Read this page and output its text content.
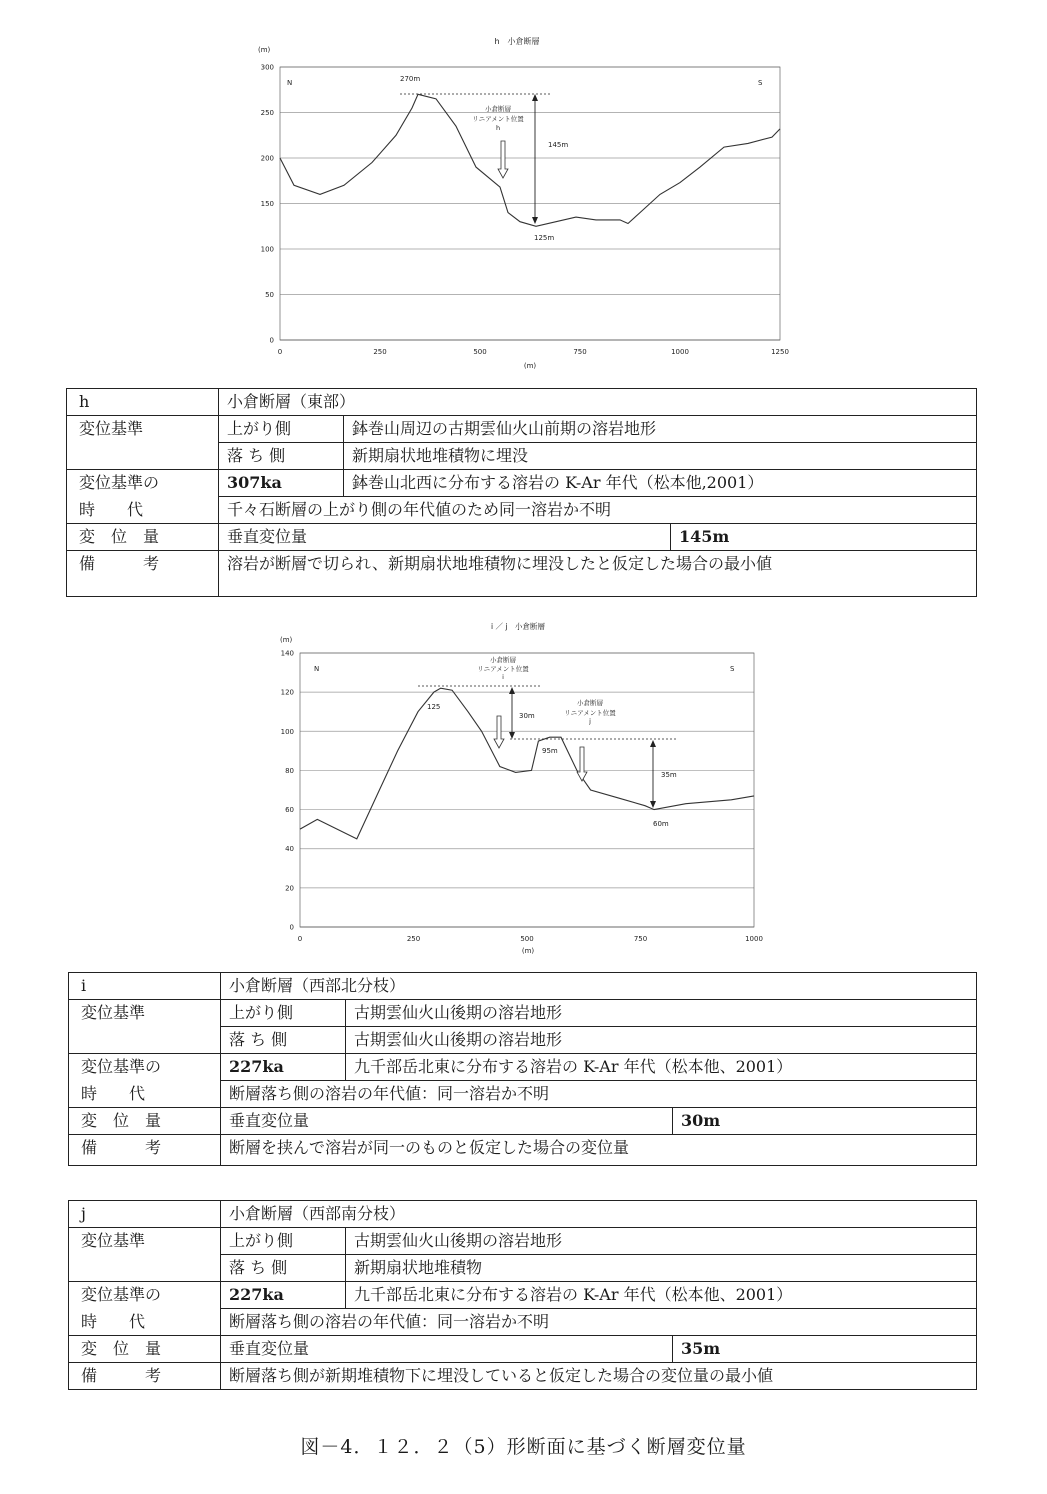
h　小倉断層
(m)
0
50
100
150
200
250
300
0	250	500	750	1000	1250
(m)
N	S
270m
小倉断層
リニアメント位置
h
145m
125m
h	小倉断層（東部）		
変位基準	上がり側	鉢巻山周辺の古期雲仙火山前期の溶岩地形	
	落 ち 側	新期扇状地堆積物に埋没	
変位基準の	307ka	鉢巻山北西に分布する溶岩の K-Ar 年代（松本他,2001）	
時　　代	千々石断層の上がり側の年代値のため同一溶岩か不明		
変　位　量	垂直変位量		145m
備　　　考	溶岩が断層で切られ、新期扇状地堆積物に埋没したと仮定した場合の最小値		
i ／ j　小倉断層
(m)
0
20
40
60
80
100
120
140
0	250	500	750	1000
(m)
N	S
小倉断層
リニアメント位置
i
125
30m
小倉断層
リニアメント位置
j
95m
35m
60m
i	小倉断層（西部北分枝）		
変位基準	上がり側	古期雲仙火山後期の溶岩地形	
	落 ち 側	古期雲仙火山後期の溶岩地形	
変位基準の	227ka	九千部岳北東に分布する溶岩の K-Ar 年代（松本他、2001）	
時　　代	断層落ち側の溶岩の年代値：同一溶岩か不明		
変　位　量	垂直変位量		30m
備　　　考	断層を挟んで溶岩が同一のものと仮定した場合の変位量		
j	小倉断層（西部南分枝）		
変位基準	上がり側	古期雲仙火山後期の溶岩地形	
	落 ち 側	新期扇状地堆積物	
変位基準の	227ka	九千部岳北東に分布する溶岩の K-Ar 年代（松本他、2001）	
時　　代	断層落ち側の溶岩の年代値：同一溶岩か不明		
変　位　量	垂直変位量		35m
備　　　考	断層落ち側が新期堆積物下に埋没していると仮定した場合の変位量の最小値		
図－4．１２．２（5）形断面に基づく断層変位量
